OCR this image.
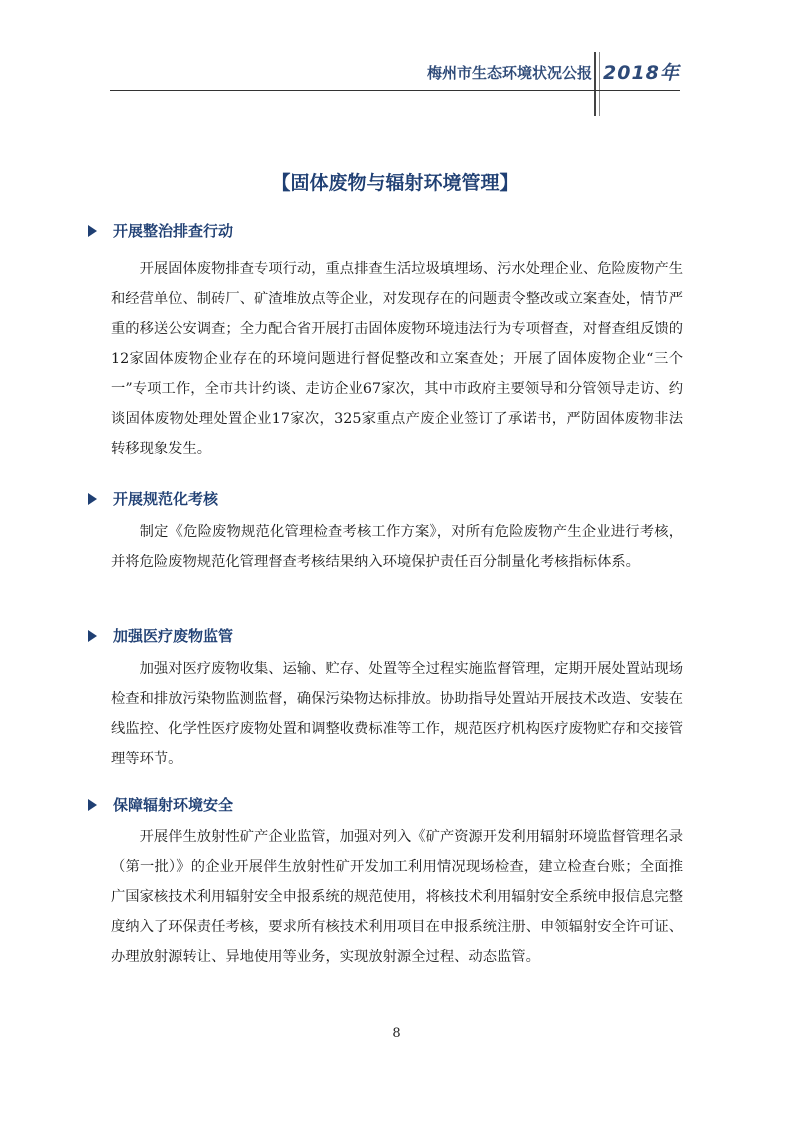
梅州市生态环境状况公报 2018年
【固体废物与辐射环境管理】
开展整治排查行动

开展固体废物排查专项行动，重点排查生活垃圾填埋场、污水处理企业、危险废物产生和经营单位、制砖厂、矿渣堆放点等企业，对发现存在的问题责令整改或立案查处，情节严重的移送公安调查；全力配合省开展打击固体废物环境违法行为专项督查，对督查组反馈的12家固体废物企业存在的环境问题进行督促整改和立案查处；开展了固体废物企业“三个一”专项工作，全市共计约谈、走访企业67家次，其中市政府主要领导和分管领导走访、约谈固体废物处理处置企业17家次，325家重点产废企业签订了承诺书，严防固体废物非法转移现象发生。

开展规范化考核

制定《危险废物规范化管理检查考核工作方案》，对所有危险废物产生企业进行考核，并将危险废物规范化管理督查考核结果纳入环境保护责任百分制量化考核指标体系。

加强医疗废物监管

加强对医疗废物收集、运输、贮存、处置等全过程实施监督管理，定期开展处置站现场检查和排放污染物监测监督，确保污染物达标排放。协助指导处置站开展技术改造、安装在线监控、化学性医疗废物处置和调整收费标准等工作，规范医疗机构医疗废物贮存和交接管理等环节。

保障辐射环境安全

开展伴生放射性矿产企业监管，加强对列入《矿产资源开发利用辐射环境监督管理名录（第一批）》的企业开展伴生放射性矿开发加工利用情况现场检查，建立检查台账；全面推广国家核技术利用辐射安全申报系统的规范使用，将核技术利用辐射安全系统申报信息完整度纳入了环保责任考核，要求所有核技术利用项目在申报系统注册、申领辐射安全许可证、办理放射源转让、异地使用等业务，实现放射源全过程、动态监管。

8
